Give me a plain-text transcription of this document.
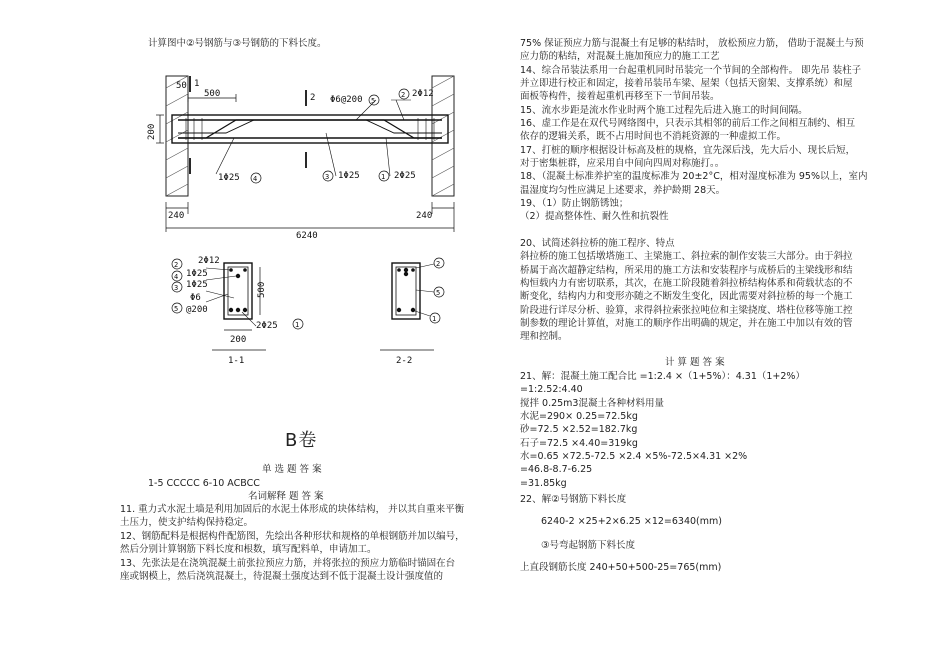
计算图中②号钢筋与③号钢筋的下料长度。
50
500
200
1
2 Φ6@200 5
2Φ12
2
1Φ25 4	1Φ25
3	2Φ25
1
240	240
6240
2Φ12
1Φ25
1Φ25
Φ6
@200
2Φ25
2
4
3
5
1
500
200
1-1
2
5
1
2-2
B卷
单 选 题 答 案
1-5 CCCCC 6-10 ACBCC
名词解释 题 答 案
11. 重力式水泥土墙是利用加固后的水泥土体形成的块体结构， 并以其自重来平衡
土压力，使支护结构保持稳定。
12、钢筋配料是根据构件配筋图，先绘出各种形状和规格的单根钢筋并加以编号，
然后分别计算钢筋下料长度和根数，填写配料单，申请加工。
13、先张法是在浇筑混凝土前张拉预应力筋，并将张拉的预应力筋临时锚固在台
座或钢模上，然后浇筑混凝土，待混凝土强度达到不低于混凝土设计强度值的
75% 保证预应力筋与混凝土有足够的粘结时， 放松预应力筋， 借助于混凝土与预
应力筋的粘结，对混凝土施加预应力的施工工艺
14、综合吊装法系用一台起重机同时吊装完一个节间的全部构件。 即先吊 装柱子
并立即进行校正和固定，接着吊装吊车梁、屋架（包括天窗架、支撑系统）和屋
面板等构件，接着起重机再移至下一节间吊装。
15、流水步距是流水作业时两个施工过程先后进入施工的时间间隔。
16、虚工作是在双代号网络图中，只表示其相邻的前后工作之间相互制约、相互
依存的逻辑关系，既不占用时间也不消耗资源的一种虚拟工作。
17、打桩的顺序根据设计标高及桩的规格，宜先深后浅，先大后小、现长后短，
对于密集桩群，应采用自中间向四周对称施打。。
18、（混凝土标准养护室的温度标准为 20±2°C，相对湿度标准为 95%以上，室内
温湿度均匀性应满足上述要求，养护龄期 28天。
19、（1）防止钢筋锈蚀；
（2）提高整体性、耐久性和抗裂性
20、试简述斜拉桥的施工程序、特点
斜拉桥的施工包括墩塔施工、主梁施工、斜拉索的制作安装三大部分。由于斜拉
桥属于高次超静定结构，所采用的施工方法和安装程序与成桥后的主梁线形和结
构恒载内力有密切联系，其次，在施工阶段随着斜拉桥结构体系和荷载状态的不
断变化，结构内力和变形亦随之不断发生变化，因此需要对斜拉桥的每一个施工
阶段进行详尽分析、验算，求得斜拉索张拉吨位和主梁挠度、塔柱位移等施工控
制参数的理论计算值，对施工的顺序作出明确的规定，并在施工中加以有效的管
理和控制。
计 算 题 答 案
21、解：混凝土施工配合比 =1:2.4 ×（1+5%）：4.31（1+2%）
=1:2.52:4.40
搅拌 0.25m3混凝土各种材料用量
水泥=290× 0.25=72.5kg
砂=72.5 ×2.52=182.7kg
石子=72.5 ×4.40=319kg
水=0.65 ×72.5-72.5 ×2.4 ×5%-72.5×4.31 ×2%
=46.8-8.7-6.25
=31.85kg
22、解②号钢筋下料长度
6240-2 ×25+2×6.25 ×12=6340(mm)
③号弯起钢筋下料长度
上直段钢筋长度 240+50+500-25=765(mm)
